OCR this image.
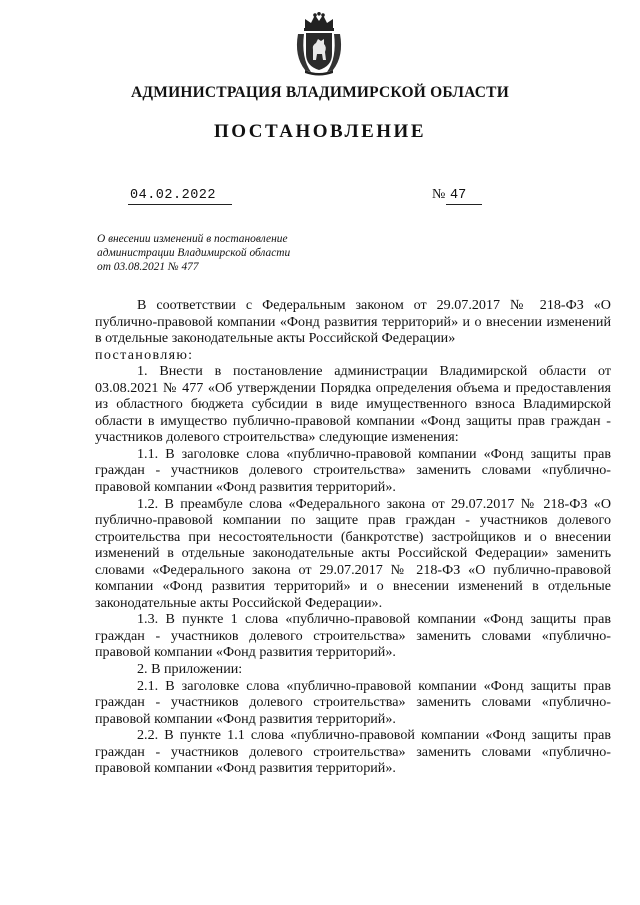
АДМИНИСТРАЦИЯ ВЛАДИМИРСКОЙ ОБЛАСТИ
ПОСТАНОВЛЕНИЕ
04.02.2022	№ 47
О внесении изменений в постановление
администрации Владимирской области
от 03.08.2021 № 477

В соответствии с Федеральным законом от 29.07.2017 № 218-ФЗ «О публично-правовой компании «Фонд развития территорий» и о внесении изменений в отдельные законодательные акты Российской Федерации»

постановляю:

1. Внести в постановление администрации Владимирской области от 03.08.2021 № 477 «Об утверждении Порядка определения объема и предоставления из областного бюджета субсидии в виде имущественного взноса Владимирской области в имущество публично-правовой компании «Фонд защиты прав граждан - участников долевого строительства» следующие изменения:

1.1. В заголовке слова «публично-правовой компании «Фонд защиты прав граждан - участников долевого строительства» заменить словами «публично-правовой компании «Фонд развития территорий».

1.2. В преамбуле слова «Федерального закона от 29.07.2017 № 218-ФЗ «О публично-правовой компании по защите прав граждан - участников долевого строительства при несостоятельности (банкротстве) застройщиков и о внесении изменений в отдельные законодательные акты Российской Федерации» заменить словами «Федерального закона от 29.07.2017 № 218-ФЗ «О публично-правовой компании «Фонд развития территорий» и о внесении изменений в отдельные законодательные акты Российской Федерации».

1.3. В пункте 1 слова «публично-правовой компании «Фонд защиты прав граждан - участников долевого строительства» заменить словами «публично-правовой компании «Фонд развития территорий».

2. В приложении:

2.1. В заголовке слова «публично-правовой компании «Фонд защиты прав граждан - участников долевого строительства» заменить словами «публично-правовой компании «Фонд развития территорий».

2.2. В пункте 1.1 слова «публично-правовой компании «Фонд защиты прав граждан - участников долевого строительства» заменить словами «публично-правовой компании «Фонд развития территорий».
